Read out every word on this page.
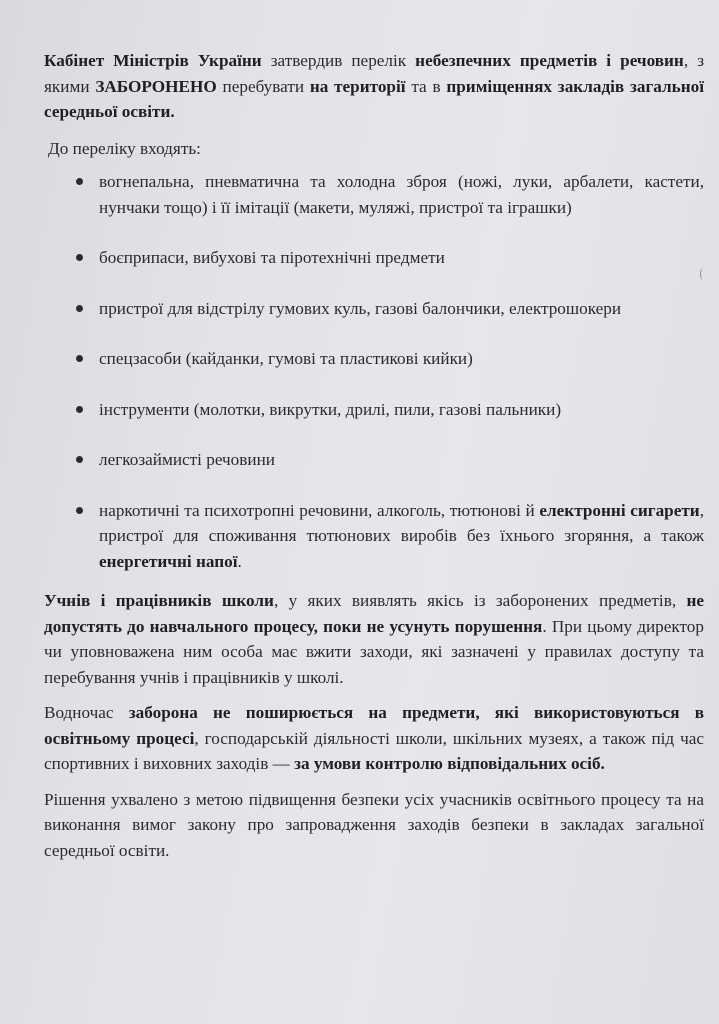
Кабінет Міністрів України затвердив перелік небезпечних предметів і речовин, з якими ЗАБОРОНЕНО перебувати на території та в приміщеннях закладів загальної середньої освіти.

До переліку входять:

вогнепальна, пневматична та холодна зброя (ножі, луки, арбалети, кастети, нунчаки тощо) і її імітації (макети, муляжі, пристрої та іграшки)
боєприпаси, вибухові та піротехнічні предмети
пристрої для відстрілу гумових куль, газові балончики, електрошокери
спецзасоби (кайданки, гумові та пластикові кийки)
інструменти (молотки, викрутки, дрилі, пили, газові пальники)
легкозаймисті речовини
наркотичні та психотропні речовини, алкоголь, тютюнові й електронні сигарети, пристрої для споживання тютюнових виробів без їхнього згоряння, а також енергетичні напої.

Учнів і працівників школи, у яких виявлять якісь із заборонених предметів, не допустять до навчального процесу, поки не усунуть порушення. При цьому директор чи уповноважена ним особа має вжити заходи, які зазначені у правилах доступу та перебування учнів і працівників у школі.

Водночас заборона не поширюється на предмети, які використовуються в освітньому процесі, господарській діяльності школи, шкільних музеях, а також під час спортивних і виховних заходів — за умови контролю відповідальних осіб.

Рішення ухвалено з метою підвищення безпеки усіх учасників освітнього процесу та на виконання вимог закону про запровадження заходів безпеки в закладах загальної середньої освіти.
